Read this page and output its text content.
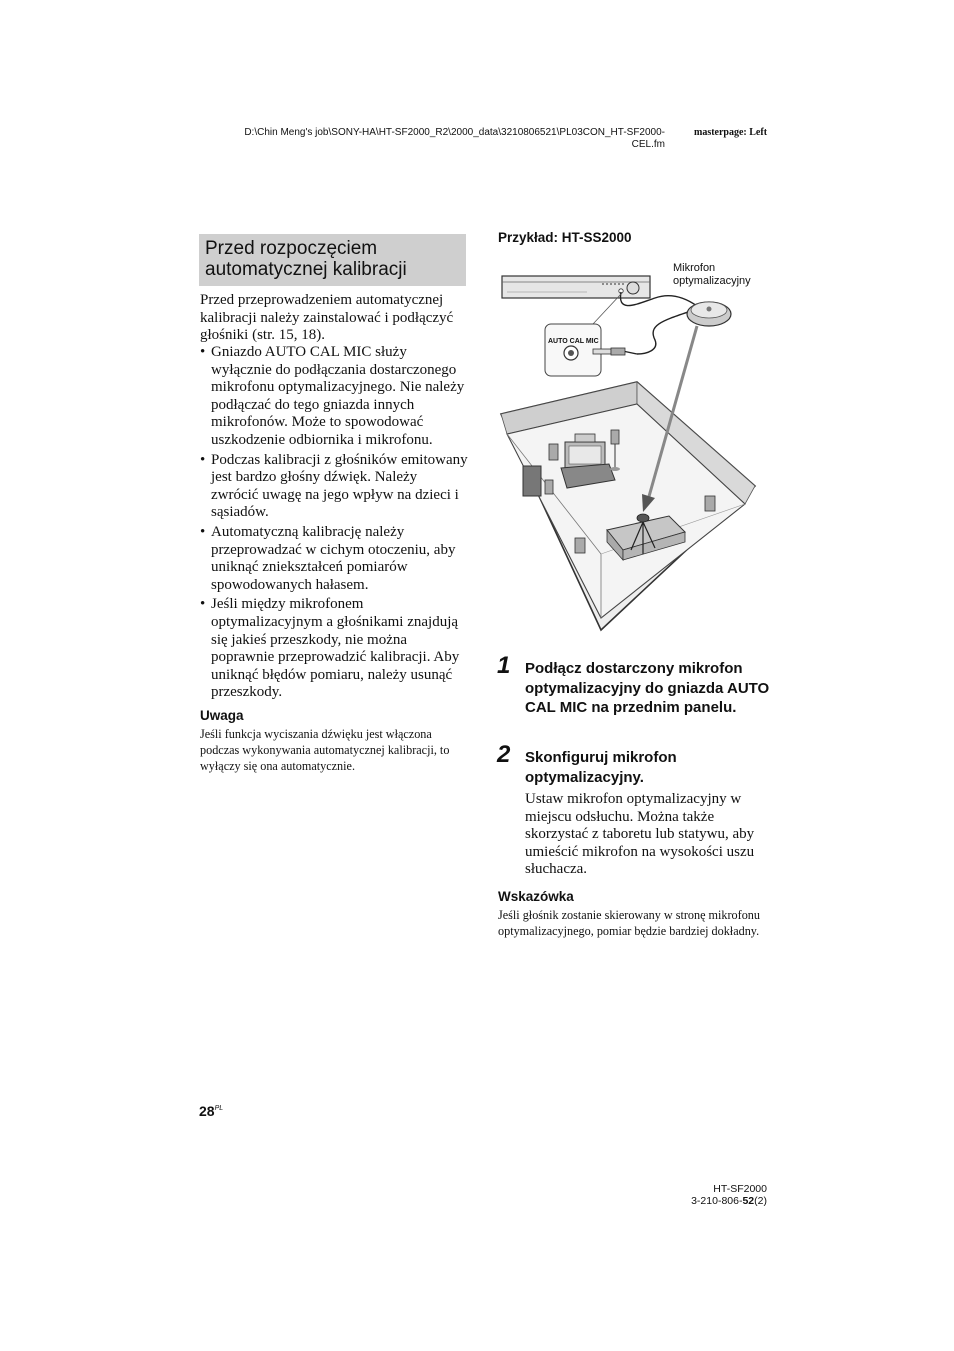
D:\Chin Meng's job\SONY-HA\HT-SF2000_R2\2000_data\3210806521\PL03CON_HT-SF2000-
CEL.fm
masterpage: Left
Przed rozpoczęciem
automatycznej kalibracji
Przed przeprowadzeniem automatycznej kalibracji należy zainstalować i podłączyć głośniki (str. 15, 18).
• Gniazdo AUTO CAL MIC służy wyłącznie do podłączania dostarczonego mikrofonu optymalizacyjnego. Nie należy podłączać do tego gniazda innych mikrofonów. Może to spowodować uszkodzenie odbiornika i mikrofonu.
• Podczas kalibracji z głośników emitowany jest bardzo głośny dźwięk. Należy zwrócić uwagę na jego wpływ na dzieci i sąsiadów.
• Automatyczną kalibrację należy przeprowadzać w cichym otoczeniu, aby uniknąć zniekształceń pomiarów spowodowanych hałasem.
• Jeśli między mikrofonem optymalizacyjnym a głośnikami znajdują się jakieś przeszkody, nie można poprawnie przeprowadzić kalibracji. Aby uniknąć błędów pomiaru, należy usunąć przeszkody.
Uwaga
Jeśli funkcja wyciszania dźwięku jest włączona podczas wykonywania automatycznej kalibracji, to wyłączy się ona automatycznie.
Przykład: HT-SS2000
Mikrofon
optymalizacyjny
AUTO CAL MIC
1 Podłącz dostarczony mikrofon optymalizacyjny do gniazda AUTO CAL MIC na przednim panelu.
2 Skonfiguruj mikrofon optymalizacyjny.
Ustaw mikrofon optymalizacyjny w miejscu odsłuchu. Można także skorzystać z taboretu lub statywu, aby umieścić mikrofon na wysokości uszu słuchacza.
Wskazówka
Jeśli głośnik zostanie skierowany w stronę mikrofonu optymalizacyjnego, pomiar będzie bardziej dokładny.
$28^{PL}$
HT-SF2000
3-210-806-52(2)
